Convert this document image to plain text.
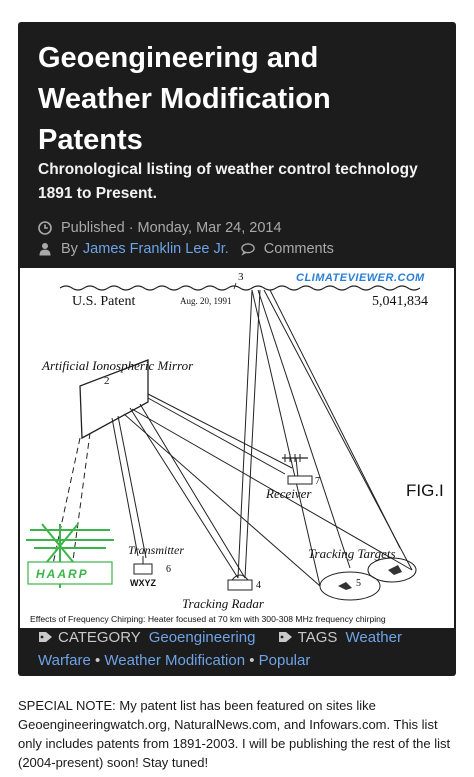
Geoengineering and Weather Modification Patents
Chronological listing of weather control technology 1891 to Present.
Published · Monday, Mar 24, 2014
By James Franklin Lee Jr. Comments
3	CLIMATEVIEWER.COM
U.S. Patent	Aug. 20, 1991	5,041,834
Artificial Ionospheric Mirror
2
7
Receiver	FIG.I
HAARP
Transmitter
6
WXYZ	4
Tracking Radar
Tracking Targets
5
Effects of Frequency Chirping: Heater focused at 70 km with 300-308 MHz frequency chirping
CATEGORY Geoengineering	TAGS Weather Warfare • Weather Modification • Popular

SPECIAL NOTE: My patent list has been featured on sites like Geoengineeringwatch.org, NaturalNews.com, and Infowars.com. This list only includes patents from 1891-2003. I will be publishing the rest of the list (2004-present) soon! Stay tuned!
